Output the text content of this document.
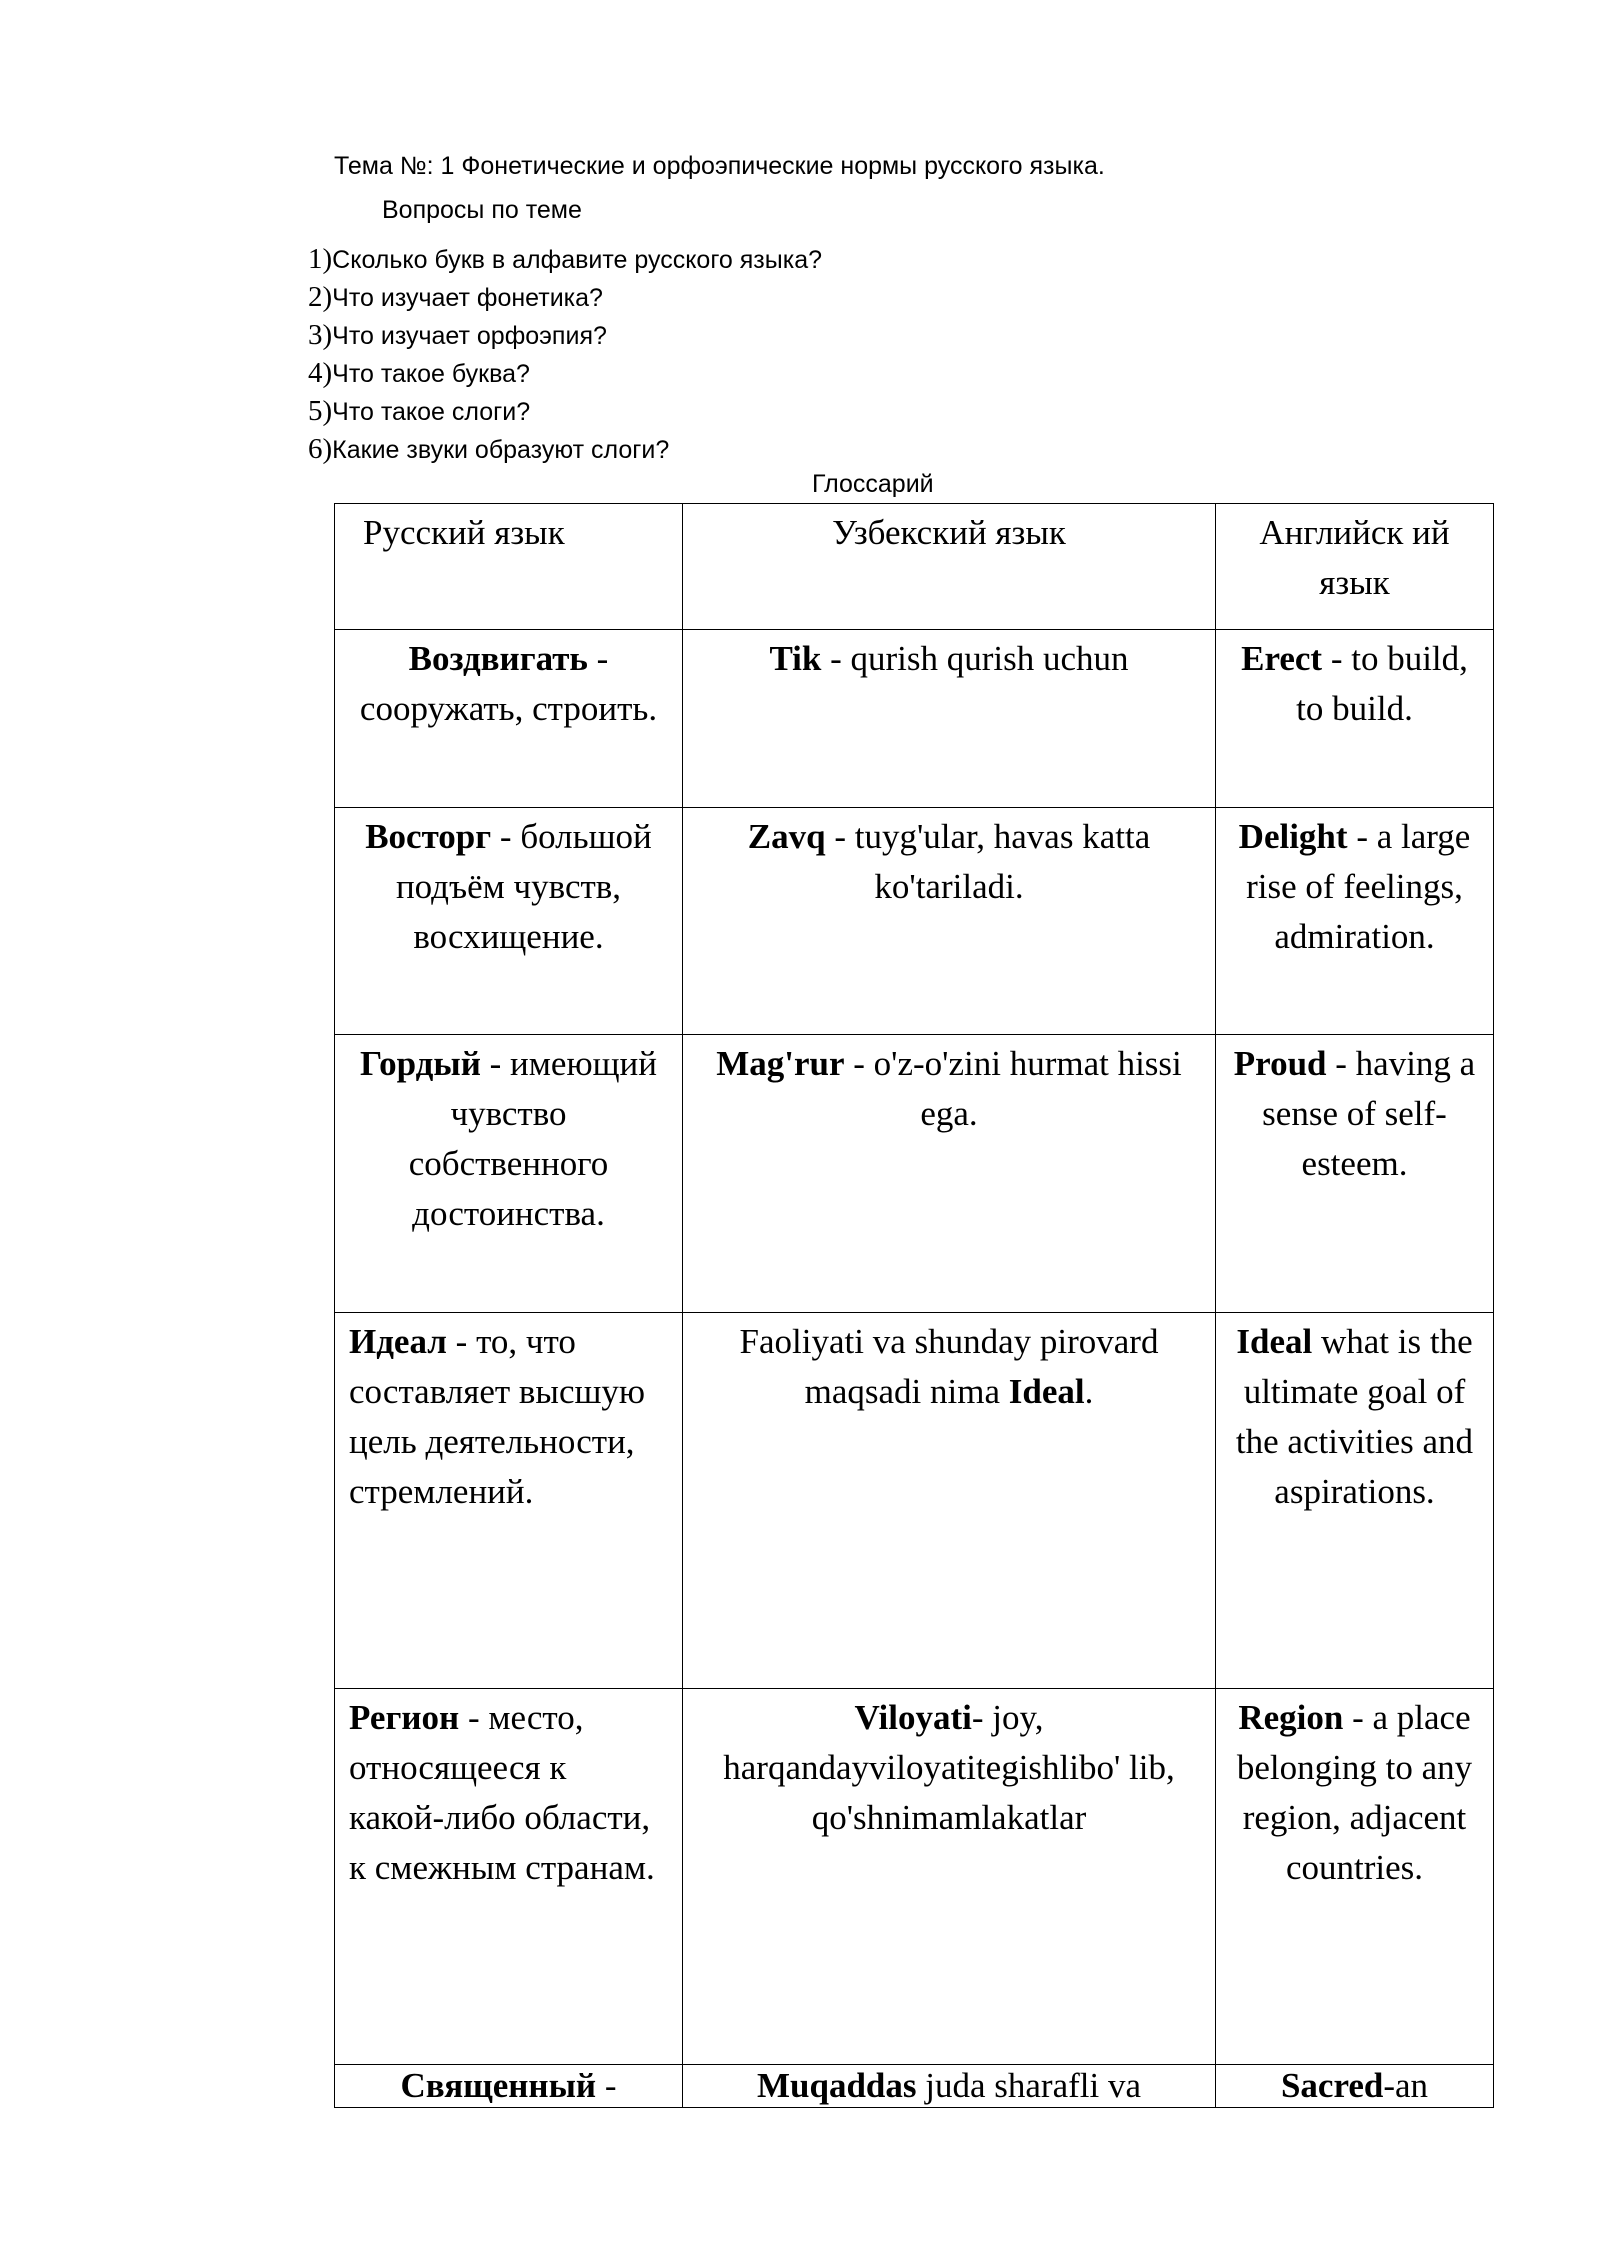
Тема №: 1 Фонетические и орфоэпические нормы русского языка.
Вопросы по теме
1)Сколько букв в алфавите русского языка?
2)Что изучает фонетика?
3)Что изучает орфоэпия?
4)Что такое буква?
5)Что такое слоги?
6)Какие звуки образуют слоги?
Глоссарий
Русский язык	Узбекский язык	Английск ий язык
Воздвигать - сооружать, строить.	Tik - qurish qurish uchun	Erect - to build, to build.
Восторг - большой подъём чувств, восхищение.	Zavq - tuyg'ular, havas katta ko'tariladi.	Delight - a large rise of feelings, admiration.
Гордый - имеющий чувство собственного достоинства.	Mag'rur - o'z-o'zini hurmat hissi ega.	Proud - having a sense of self-esteem.
Идеал - то, что составляет высшую цель деятельности, стремлений.	Faoliyati va shunday pirovard maqsadi nima Ideal.	Ideal what is the ultimate goal of the activities and aspirations.
Регион - место, относящееся к какой-либо области, к смежным странам.	Viloyati- joy, harqandayviloyatitegishlibo' lib, qo'shnimamlakatlar	Region - a place belonging to any region, adjacent countries.
Священный -	Muqaddas juda sharafli va	Sacred-an
